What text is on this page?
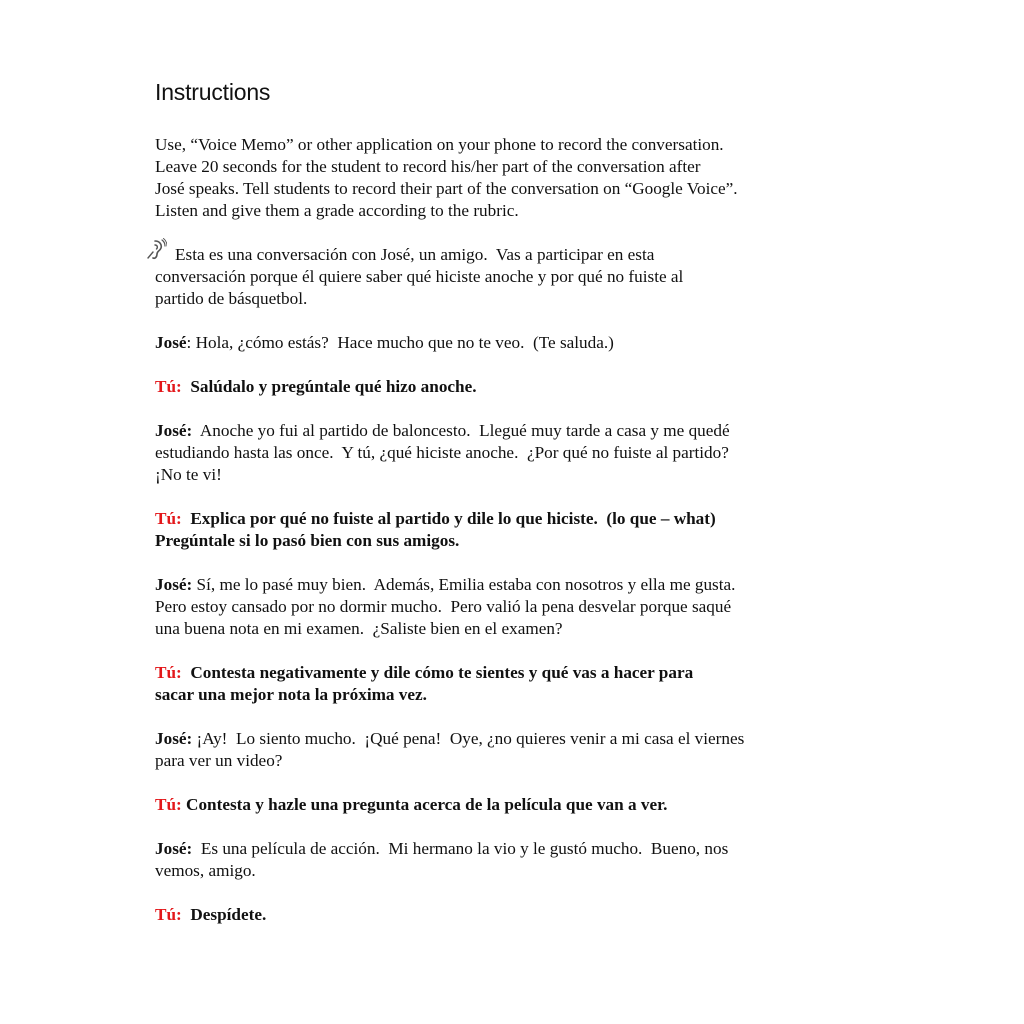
Instructions

Use, “Voice Memo” or other application on your phone to record the conversation.

Leave 20 seconds for the student to record his/her part of the conversation after

José speaks. Tell students to record their part of the conversation on “Google Voice”.

Listen and give them a grade according to the rubric.

Esta es una conversación con José, un amigo.  Vas a participar en esta

conversación porque él quiere saber qué hiciste anoche y por qué no fuiste al

partido de básquetbol.

José: Hola, ¿cómo estás?  Hace mucho que no te veo.  (Te saluda.)

Tú:  Salúdalo y pregúntale qué hizo anoche.

José:  Anoche yo fui al partido de baloncesto.  Llegué muy tarde a casa y me quedé

estudiando hasta las once.  Y tú, ¿qué hiciste anoche.  ¿Por qué no fuiste al partido?

¡No te vi!

Tú:  Explica por qué no fuiste al partido y dile lo que hiciste.  (lo que – what)

Pregúntale si lo pasó bien con sus amigos.

José: Sí, me lo pasé muy bien.  Además, Emilia estaba con nosotros y ella me gusta.

Pero estoy cansado por no dormir mucho.  Pero valió la pena desvelar porque saqué

una buena nota en mi examen.  ¿Saliste bien en el examen?

Tú:  Contesta negativamente y dile cómo te sientes y qué vas a hacer para

sacar una mejor nota la próxima vez.

José: ¡Ay!  Lo siento mucho.  ¡Qué pena!  Oye, ¿no quieres venir a mi casa el viernes

para ver un video?

Tú: Contesta y hazle una pregunta acerca de la película que van a ver.

José:  Es una película de acción.  Mi hermano la vio y le gustó mucho.  Bueno, nos

vemos, amigo.

Tú:  Despídete.
